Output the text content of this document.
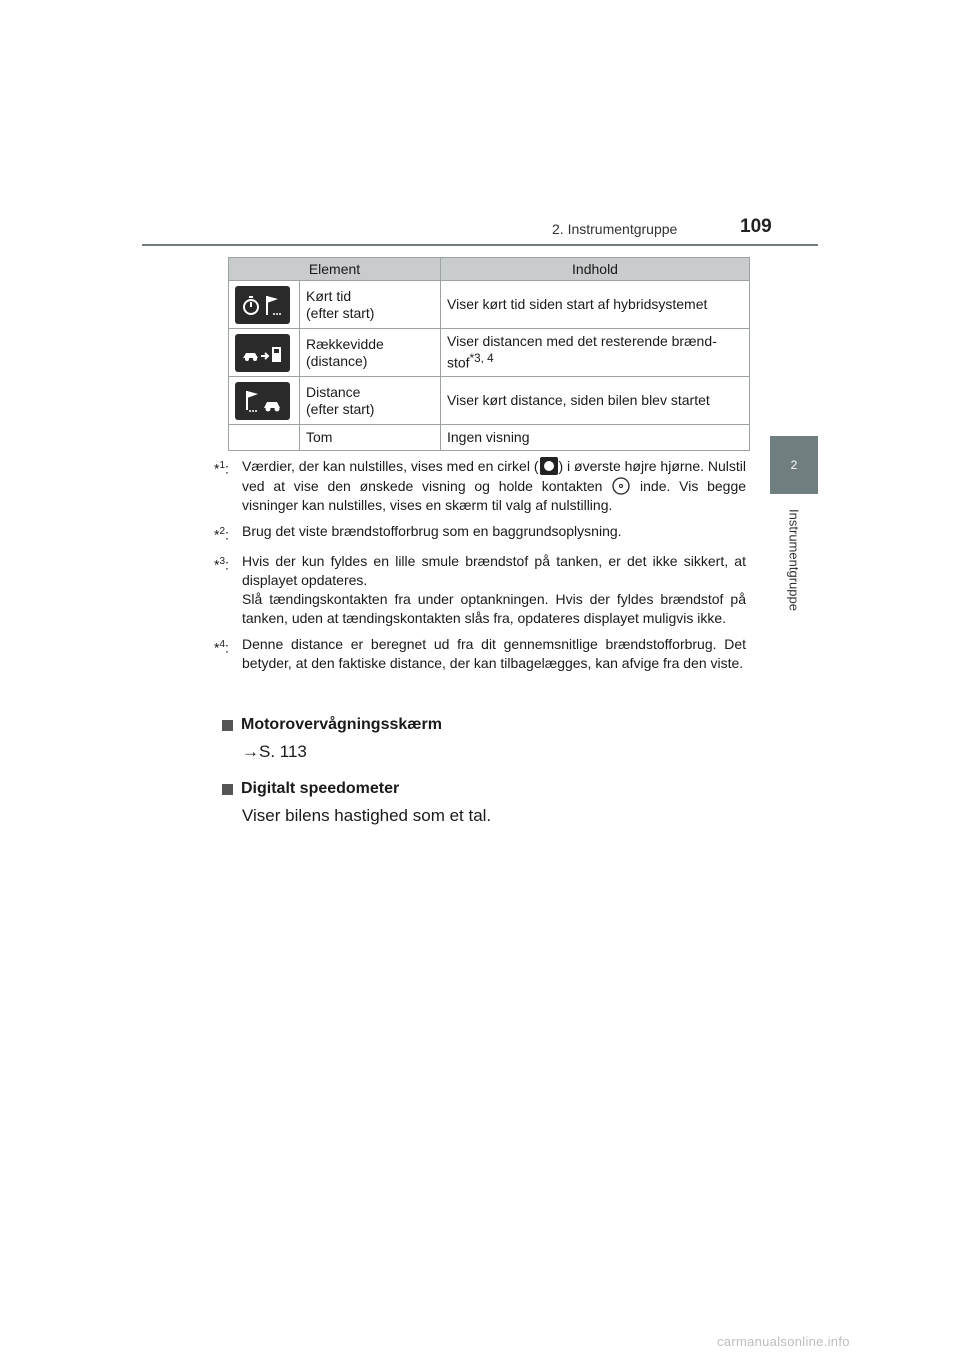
2. Instrumentgruppe	109
2
Instrumentgruppe
Element		Indhold

	Kørt tid
(efter start)	Viser kørt tid siden start af hybridsystemet

	Rækkevidde
(distance)	Viser distancen med det resterende brænd-stof$^{*3, 4}$

	Distance
(efter start)	Viser kørt distance, siden bilen blev startet
	Tom	Ingen visning
*$^1$: Værdier, der kan nulstilles, vises med en cirkel ( ) i øverste højre hjørne. Nulstil ved at vise den ønskede visning og holde kontakten	inde. Vis begge visninger kan nulstilles, vises en skærm til valg af nulstilling.
*$^2$: Brug det viste brændstofforbrug som en baggrundsoplysning.
*$^3$: Hvis der kun fyldes en lille smule brændstof på tanken, er det ikke sikkert, at displayet opdateres.

Slå tændingskontakten fra under optankningen. Hvis der fyldes brændstof på tanken, uden at tændingskontakten slås fra, opdateres displayet muligvis ikke.

*$^4$: Denne distance er beregnet ud fra dit gennemsnitlige brændstofforbrug. Det betyder, at den faktiske distance, der kan tilbagelægges, kan afvige fra den viste.
Motorovervågningsskærm
→S. 113
Digitalt speedometer
Viser bilens hastighed som et tal.
carmanualsonline.info
